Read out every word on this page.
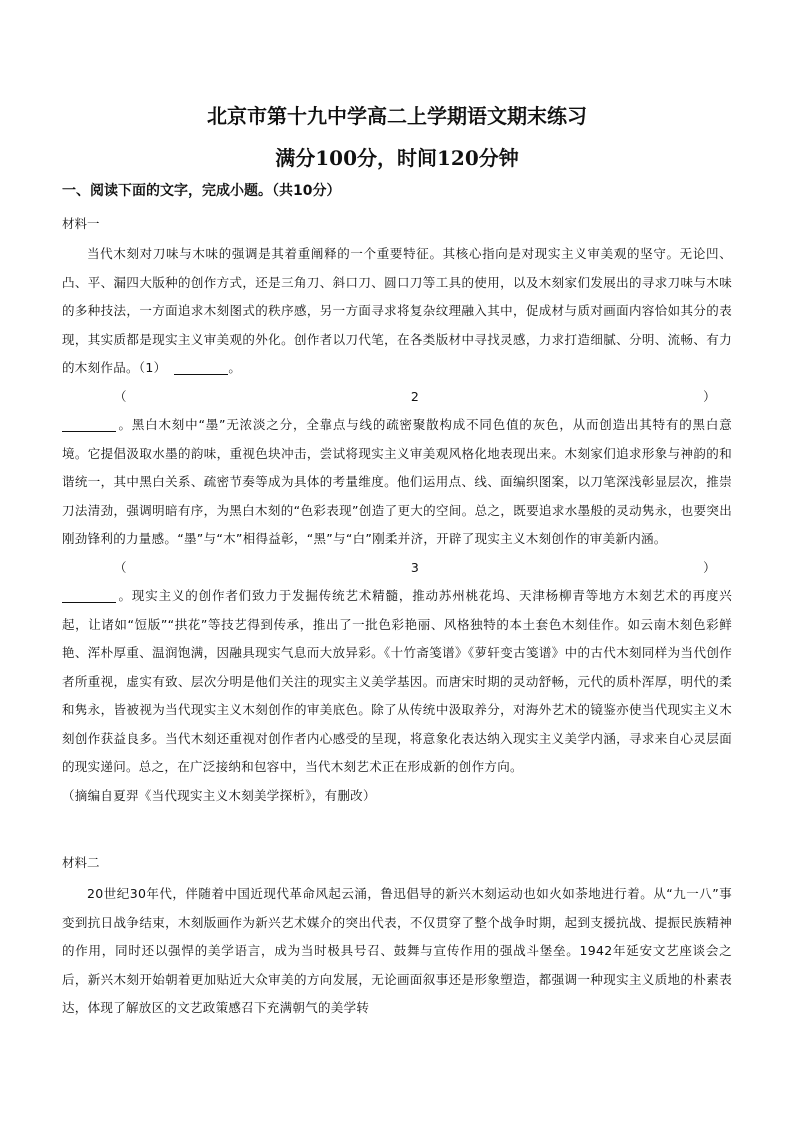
北京市第十九中学高二上学期语文期末练习
满分100分，时间120分钟
一、阅读下面的文字，完成小题。（共10分）
材料一

当代木刻对刀味与木味的强调是其着重阐释的一个重要特征。其核心指向是对现实主义审美观的坚守。无论凹、凸、平、漏四大版种的创作方式，还是三角刀、斜口刀、圆口刀等工具的使用，以及木刻家们发展出的寻求刀味与木味的多种技法，一方面追求木刻图式的秩序感，另一方面寻求将复杂纹理融入其中，促成材与质对画面内容恰如其分的表现，其实质都是现实主义审美观的外化。创作者以刀代笔，在各类版材中寻找灵感，力求打造细腻、分明、流畅、有力的木刻作品。（1）	。

（	2	）

。黑白木刻中“墨”无浓淡之分，全靠点与线的疏密聚散构成不同色值的灰色，从而创造出其特有的黑白意境。它提倡汲取水墨的韵味，重视色块冲击，尝试将现实主义审美观风格化地表现出来。木刻家们追求形象与神韵的和谐统一，其中黑白关系、疏密节奏等成为具体的考量维度。他们运用点、线、面编织图案，以刀笔深浅彰显层次，推崇刀法清劲，强调明暗有序，为黑白木刻的“色彩表现”创造了更大的空间。总之，既要追求水墨般的灵动隽永，也要突出刚劲锋利的力量感。“墨”与“木”相得益彰，“黑”与“白”刚柔并济，开辟了现实主义木刻创作的审美新内涵。

（	3	）

。现实主义的创作者们致力于发掘传统艺术精髓，推动苏州桃花坞、天津杨柳青等地方木刻艺术的再度兴起，让诸如“饾版”“拱花”等技艺得到传承，推出了一批色彩艳丽、风格独特的本土套色木刻佳作。如云南木刻色彩鲜艳、浑朴厚重、温润饱满，因融具现实气息而大放异彩。《十竹斋笺谱》《萝轩变古笺谱》中的古代木刻同样为当代创作者所重视，虚实有致、层次分明是他们关注的现实主义美学基因。而唐宋时期的灵动舒畅，元代的质朴浑厚，明代的柔和隽永，皆被视为当代现实主义木刻创作的审美底色。除了从传统中汲取养分，对海外艺术的镜鉴亦使当代现实主义木刻创作获益良多。当代木刻还重视对创作者内心感受的呈现，将意象化表达纳入现实主义美学内涵，寻求来自心灵层面的现实递问。总之，在广泛接纳和包容中，当代木刻艺术正在形成新的创作方向。

（摘编自夏羿《当代现实主义木刻美学探析》，有删改）

材料二

20世纪30年代，伴随着中国近现代革命风起云涌，鲁迅倡导的新兴木刻运动也如火如荼地进行着。从“九一八”事变到抗日战争结束，木刻版画作为新兴艺术媒介的突出代表，不仅贯穿了整个战争时期，起到支援抗战、提振民族精神的作用，同时还以强悍的美学语言，成为当时极具号召、鼓舞与宣传作用的强战斗堡垒。1942年延安文艺座谈会之后，新兴木刻开始朝着更加贴近大众审美的方向发展，无论画面叙事还是形象塑造，都强调一种现实主义质地的朴素表达，体现了解放区的文艺政策感召下充满朝气的美学转
